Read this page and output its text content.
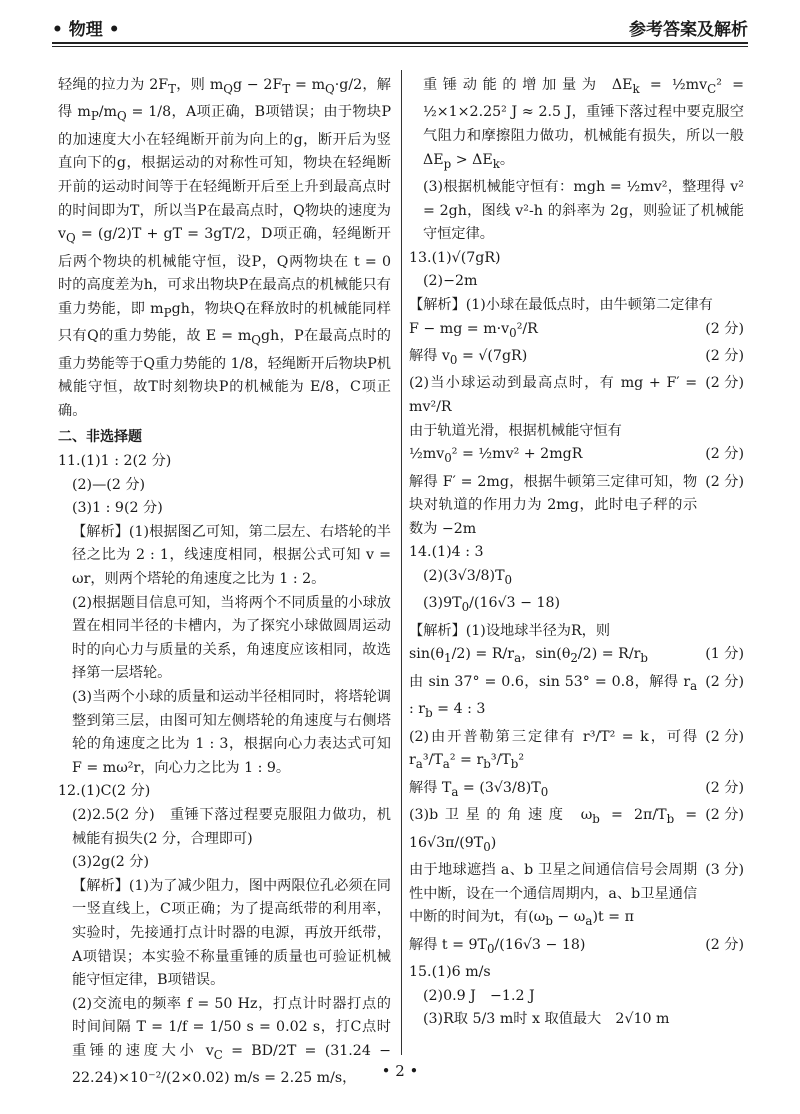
• 物理 •	参考答案及解析

轻绳的拉力为 $2F_T$，则 $m_Qg - 2F_T = m_Q\cdot g/2$，解得 $m_P/m_Q = 1/8$，A项正确，B项错误；由于物块P的加速度大小在轻绳断开前为向上的g，断开后为竖直向下的g，根据运动的对称性可知，物块在轻绳断开前的运动时间等于在轻绳断开后至上升到最高点时的时间即为T，所以当P在最高点时，Q物块的速度为 $v_Q = (g/2)T$ + gT = 3gT/2，D项正确，轻绳断开后两个物块的机械能守恒，设P，Q两物块在 t = 0 时的高度差为h，可求出物块P在最高点的机械能只有重力势能，即 $m_Pgh$，物块Q在释放时的机械能同样只有Q的重力势能，故 $E = m_Qgh$，P在最高点时的重力势能等于Q重力势能的 1/8，轻绳断开后物块P机械能守恒，故T时刻物块P的机械能为 E/8，C项正确。

二、非选择题

11.(1)1 : 2(2 分)

(2)—(2 分)

(3)1 : 9(2 分)

【解析】(1)根据图乙可知，第二层左、右塔轮的半径之比为 2 : 1，线速度相同，根据公式可知 v = ωr，则两个塔轮的角速度之比为 1 : 2。

(2)根据题目信息可知，当将两个不同质量的小球放置在相同半径的卡槽内，为了探究小球做圆周运动时的向心力与质量的关系，角速度应该相同，故选择第一层塔轮。

(3)当两个小球的质量和运动半径相同时，将塔轮调整到第三层，由图可知左侧塔轮的角速度与右侧塔轮的角速度之比为 1 : 3，根据向心力表达式可知 F = mω²r，向心力之比为 1 : 9。

12.(1)C(2 分)

(2)2.5(2 分)　重锤下落过程要克服阻力做功，机械能有损失(2 分，合理即可)

(3)2g(2 分)

【解析】(1)为了减少阻力，图中两限位孔必须在同一竖直线上，C项正确；为了提高纸带的利用率，实验时，先接通打点计时器的电源，再放开纸带，A项错误；本实验不称量重锤的质量也可验证机械能守恒定律，B项错误。

(2)交流电的频率 f = 50 Hz，打点计时器打点的时间间隔 T = 1/f = 1/50 s = 0.02 s，打C点时重锤的速度大小 $v_C = BD/2T = (31.24 - 22.24)\times 10^{-2}/(2\times 0.02) m/s = 2.25$ m/s，

重锤动能的增加量为 $\Delta E_k$ = $\frac{1}{2}mv_C^2$ = ½×1×2.25² J ≈ 2.5 J，重锤下落过程中要克服空气阻力和摩擦阻力做功，机械能有损失，所以一般 $\Delta E_p > \Delta E_k$。

(3)根据机械能守恒有：mgh = ½mv²，整理得 v² = 2gh，图线 v²-h 的斜率为 2g，则验证了机械能守恒定律。

13.(1)√(7gR)

(2)−2m

【解析】(1)小球在最低点时，由牛顿第二定律有

F − mg = $m\cdot v_0^2/R$	(2 分)

解得 $v_0 = √(7gR)$	(2 分)

(2)当小球运动到最高点时，有 mg + F′ = mv²/R
(2 分)

由于轨道光滑，根据机械能守恒有

$\frac{1}{2}mv_0^2$ = ½mv² + 2mgR	(2 分)

解得 F′ = 2mg，根据牛顿第三定律可知，物块对轨道的作用力为 2mg，此时电子秤的示数为 −2m
(2 分)

14.(1)4 : 3

$(2)(3√3/8)T_0$

$(3)9T_0/(16√3 - 18)$

【解析】(1)设地球半径为R，则

$\sin(\theta_1/2) = R/r_a$，$\sin(\theta_2/2) = R/r_b$	(1 分)

由 sin 37° = 0.6，sin 53° = 0.8，解得 $r_a$ : $r_b = 4$ : 3
(2 分)

(2)由开普勒第三定律有 r³/T² = k，可得 $r_a^3/T_a^2 = r_b^3/T_b^2$
(2 分)

解得 $T_a = (3√3/8)T_0$	(2 分)

(3)b卫星的角速度 $\omega_b = 2\pi/T_b = 16√3\pi/(9T_0)$
(2 分)

由于地球遮挡 a、b 卫星之间通信信号会周期性中断，设在一个通信周期内，a、b卫星通信中断的时间为t，有$(\omega_b - \omega_a)t = \pi$
(3 分)

解得 $t = 9T_0/(16√3 - 18)$	(2 分)

15.(1)6 m/s

(2)0.9 J　−1.2 J

(3)R取 5/3 m时 x 取值最大　2√10 m

• 2 •
